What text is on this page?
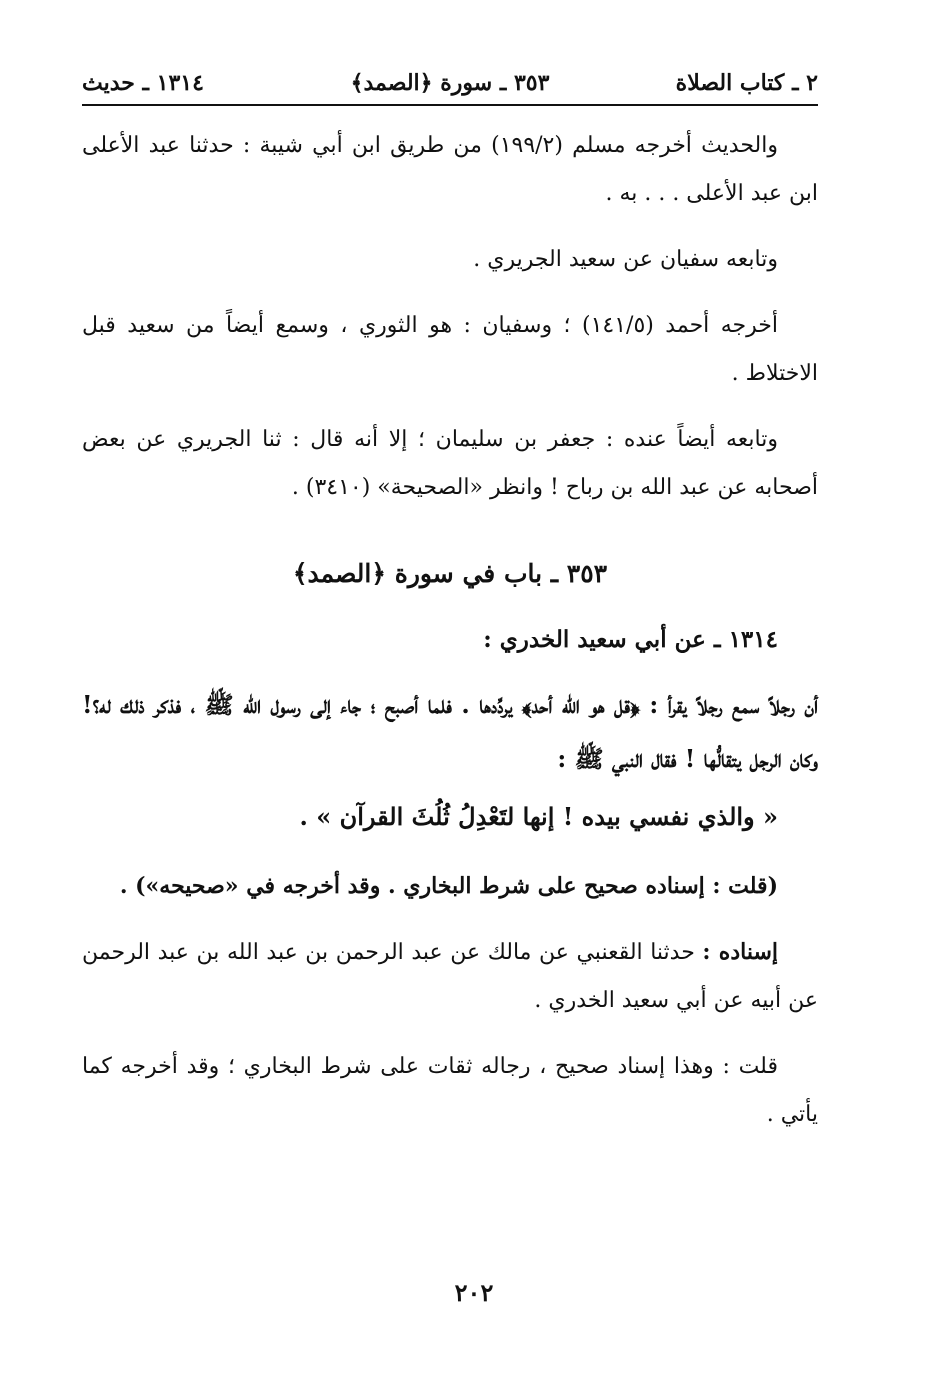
٢ ـ كتاب الصلاة
٣٥٣ ـ سورة ﴿الصمد﴾
١٣١٤ ـ حديث

والحديث أخرجه مسلم (١٩٩/٢) من طريق ابن أبي شيبة : حدثنا عبد الأعلى ابن عبد الأعلى . . . به .

وتابعه سفيان عن سعيد الجريري .

أخرجه أحمد (١٤١/٥) ؛ وسفيان : هو الثوري ، وسمع أيضاً من سعيد قبل الاختلاط .

وتابعه أيضاً عنده : جعفر بن سليمان ؛ إلا أنه قال : ثنا الجريري عن بعض أصحابه عن عبد الله بن رباح ! وانظر «الصحيحة» (٣٤١٠) .

٣٥٣ ـ باب في سورة ﴿الصمد﴾

١٣١٤ ـ عن أبي سعيد الخدري :

أن رجلاً سمع رجلاً يقرأ : ﴿قل هو الله أحد﴾ يردِّدها . فلما أصبح ؛ جاء إلى رسول الله ﷺ ، فذكر ذلك له؟! وكان الرجل يتقالُّها ! فقال النبي ﷺ :

« والذي نفسي بيده ! إنها لتَعْدِلُ ثُلُثَ القرآن » .

(قلت : إسناده صحيح على شرط البخاري . وقد أخرجه في «صحيحه») .

إسناده : حدثنا القعنبي عن مالك عن عبد الرحمن بن عبد الله بن عبد الرحمن عن أبيه عن أبي سعيد الخدري .

قلت : وهذا إسناد صحيح ، رجاله ثقات على شرط البخاري ؛ وقد أخرجه كما يأتي .

٢٠٢
